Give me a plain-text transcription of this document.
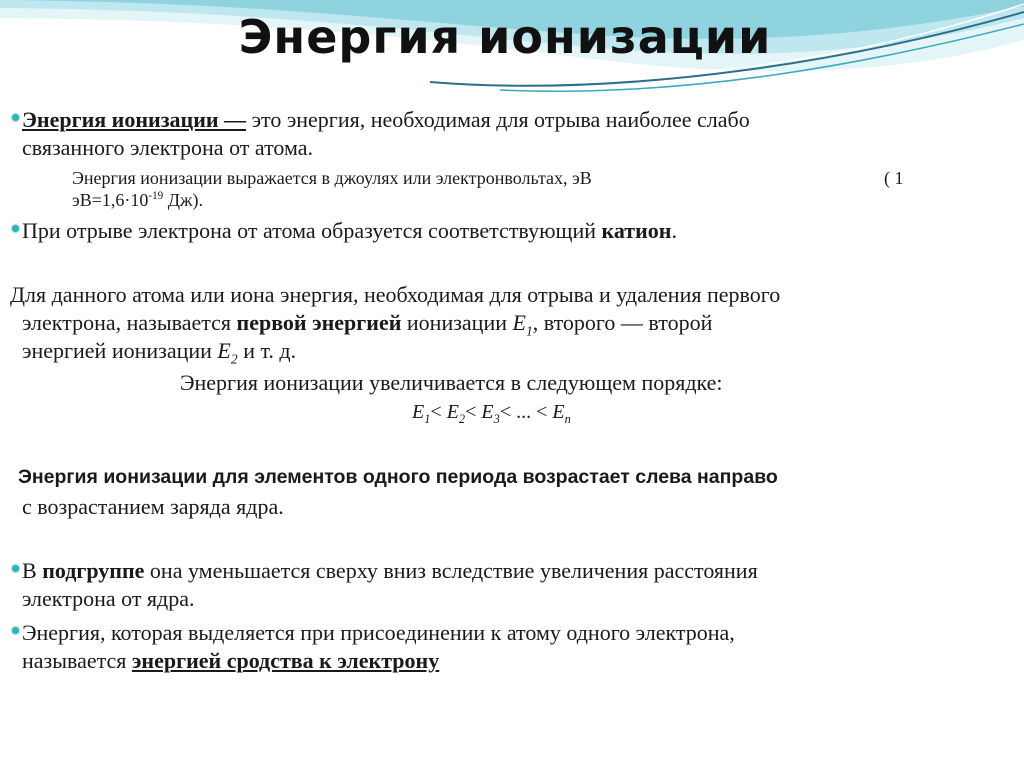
Энергия ионизации
Энергия ионизации — это энергия, необходимая для отрыва наиболее слабо
связанного электрона от атома.
Энергия ионизации выражается в джоулях или электронвольтах, эВ	( 1
$эВ=1,6\cdot 10^{-19}$ Дж).
При отрыве электрона от атома образуется соответствующий катион.
Для данного атома или иона энергия, необходимая для отрыва и удаления первого
электрона, называется первой энергией ионизации $E_1$, второго — второй
энергией ионизации $E_2$ и т. д.
Энергия ионизации увеличивается в следующем порядке:
$E_1< E_2< E_3<$ ... < $E_n$
Энергия ионизации для элементов одного периода возрастает слева направо
с возрастанием заряда ядра.
В подгруппе она уменьшается сверху вниз вследствие увеличения расстояния
электрона от ядра.
Энергия, которая выделяется при присоединении к атому одного электрона,
называется энергией сродства к электрону
